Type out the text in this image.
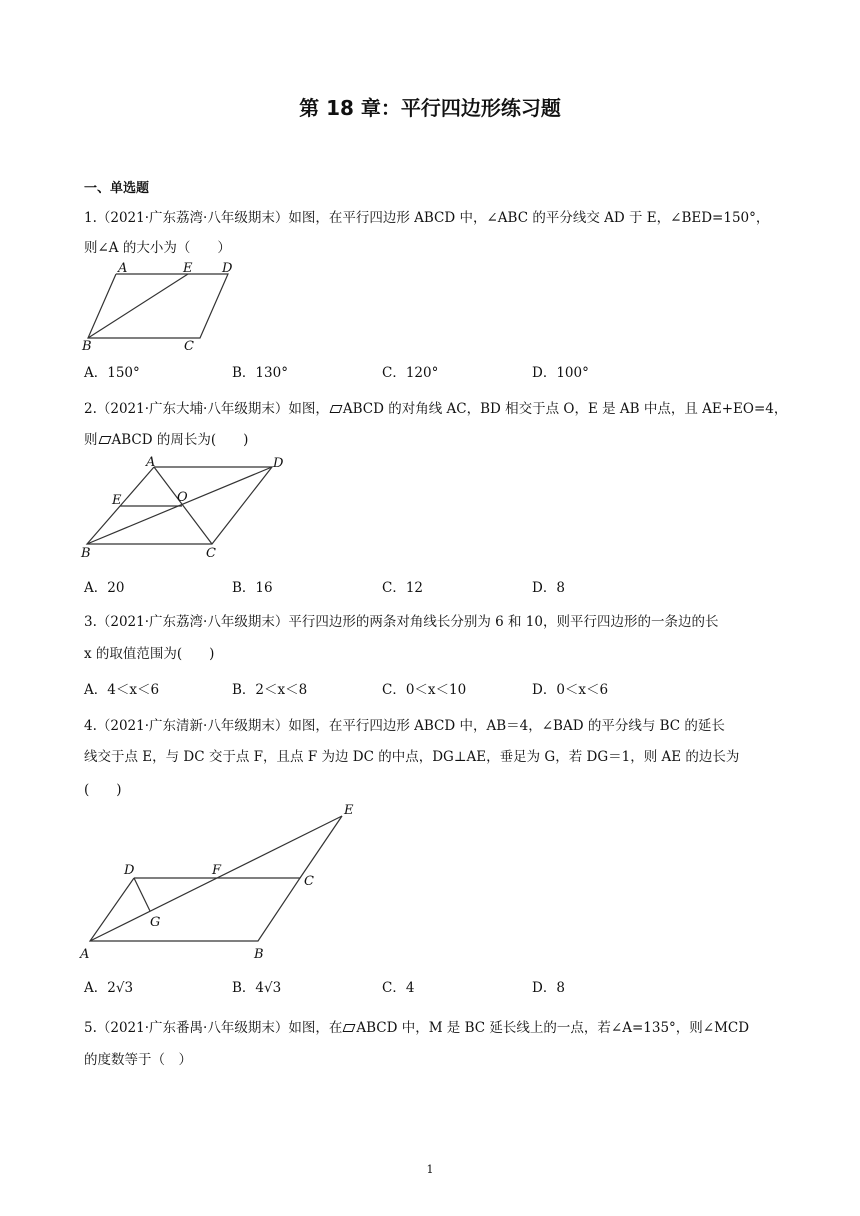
第 18 章：平行四边形练习题
一、单选题
1.（2021·广东荔湾·八年级期末）如图，在平行四边形 ABCD 中，∠ABC 的平分线交 AD 于 E，∠BED=150°，
则∠A 的大小为（　　）
A	E D
B	C
A．150°	B．130°	C．120°	D．100°
2.（2021·广东大埔·八年级期末）如图， ABCD 的对角线 AC，BD 相交于点 O，E 是 AB 中点，且 AE+EO=4，
则 ABCD 的周长为(　　)
A	D
E	O
B	C
A．20	B．16	C．12	D．8
3.（2021·广东荔湾·八年级期末）平行四边形的两条对角线长分别为 6 和 10，则平行四边形的一条边的长
x 的取值范围为(　　)
A．4＜x＜6	B．2＜x＜8	C．0＜x＜10	D．0＜x＜6
4.（2021·广东清新·八年级期末）如图，在平行四边形 ABCD 中，AB＝4，∠BAD 的平分线与 BC 的延长
线交于点 E，与 DC 交于点 F，且点 F 为边 DC 的中点，DG⊥AE，垂足为 G，若 DG＝1，则 AE 的边长为
(　　)
E
D	F
C
G
A	B
A．2√3	B．4√3	C．4	D．8
5.（2021·广东番禺·八年级期末）如图，在 ABCD 中，M 是 BC 延长线上的一点，若∠A=135°，则∠MCD
的度数等于（　）
1
